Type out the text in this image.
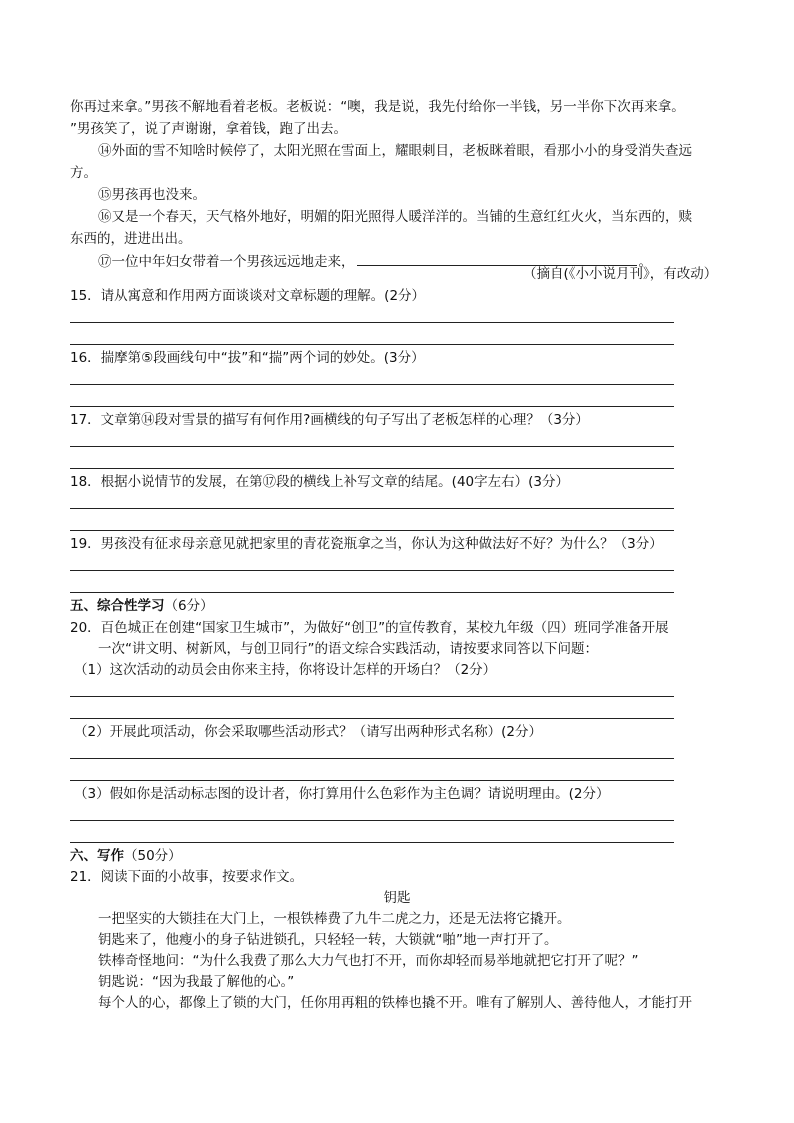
你再过来拿。”男孩不解地看着老板。老板说：“噢，我是说，我先付给你一半钱，另一半你下次再来拿。
”男孩笑了，说了声谢谢，拿着钱，跑了出去。
⑭外面的雪不知啥时候停了，太阳光照在雪面上，耀眼刺目，老板眯着眼，看那小小的身受消失查远
方。
⑮男孩再也没来。
⑯又是一个春天，天气格外地好，明媚的阳光照得人暖洋洋的。当铺的生意红红火火，当东西的，赎
东西的，进进出出。
⑰一位中年妇女带着一个男孩远远地走来，	。
（摘自(《小小说月刊》，有改动）
15．请从寓意和作用两方面谈谈对文章标题的理解。(2分）
16．揣摩第⑤段画线句中“拔”和“揣”两个词的妙处。(3分）
17．文章第⑭段对雪景的描写有何作用?画横线的句子写出了老板怎样的心理？（3分）
18．根据小说情节的发展，在第⑰段的横线上补写文章的结尾。(40字左右）(3分）
19．男孩没有征求母亲意见就把家里的青花瓷瓶拿之当，你认为这种做法好不好？为什么？（3分）
五、综合性学习（6分）
20．百色城正在创建“国家卫生城市”，为做好“创卫”的宣传教育，某校九年级（四）班同学准备开展
一次“讲文明、树新风，与创卫同行”的语文综合实践活动，请按要求同答以下问题：
（1）这次活动的动员会由你来主持，你将设计怎样的开场白？（2分）
（2）开展此项活动，你会采取哪些活动形式？（请写出两种形式名称）(2分）
（3）假如你是活动标志图的设计者，你打算用什么色彩作为主色调？请说明理由。(2分）
六、写作（50分）
21．阅读下面的小故事，按要求作文。
钥匙
一把坚实的大锁挂在大门上，一根铁棒费了九牛二虎之力，还是无法将它撬开。
钥匙来了，他瘦小的身子钻进锁孔，只轻轻一转，大锁就“啪”地一声打开了。
铁棒奇怪地问：“为什么我费了那么大力气也打不开，而你却轻而易举地就把它打开了呢？”
钥匙说：“因为我最了解他的心。”
每个人的心，都像上了锁的大门，任你用再粗的铁棒也撬不开。唯有了解别人、善待他人，才能打开
